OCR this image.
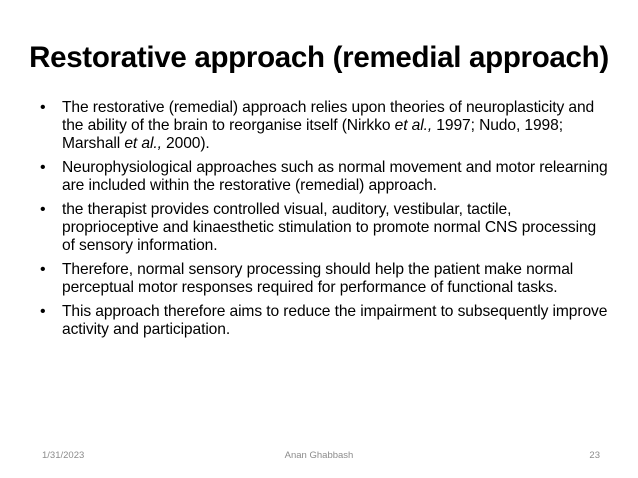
Restorative approach (remedial approach)
• The restorative (remedial) approach relies upon theories of neuroplasticity and the ability of the brain to reorganise itself (Nirkko et al., 1997; Nudo, 1998; Marshall et al., 2000).
• Neurophysiological approaches such as normal movement and motor relearning are included within the restorative (remedial) approach.
• the therapist provides controlled visual, auditory, vestibular, tactile, proprioceptive and kinaesthetic stimulation to promote normal CNS processing of sensory information.
• Therefore, normal sensory processing should help the patient make normal perceptual motor responses required for performance of functional tasks.
• This approach therefore aims to reduce the impairment to subsequently improve activity and participation.
1/31/2023	Anan Ghabbash	23
